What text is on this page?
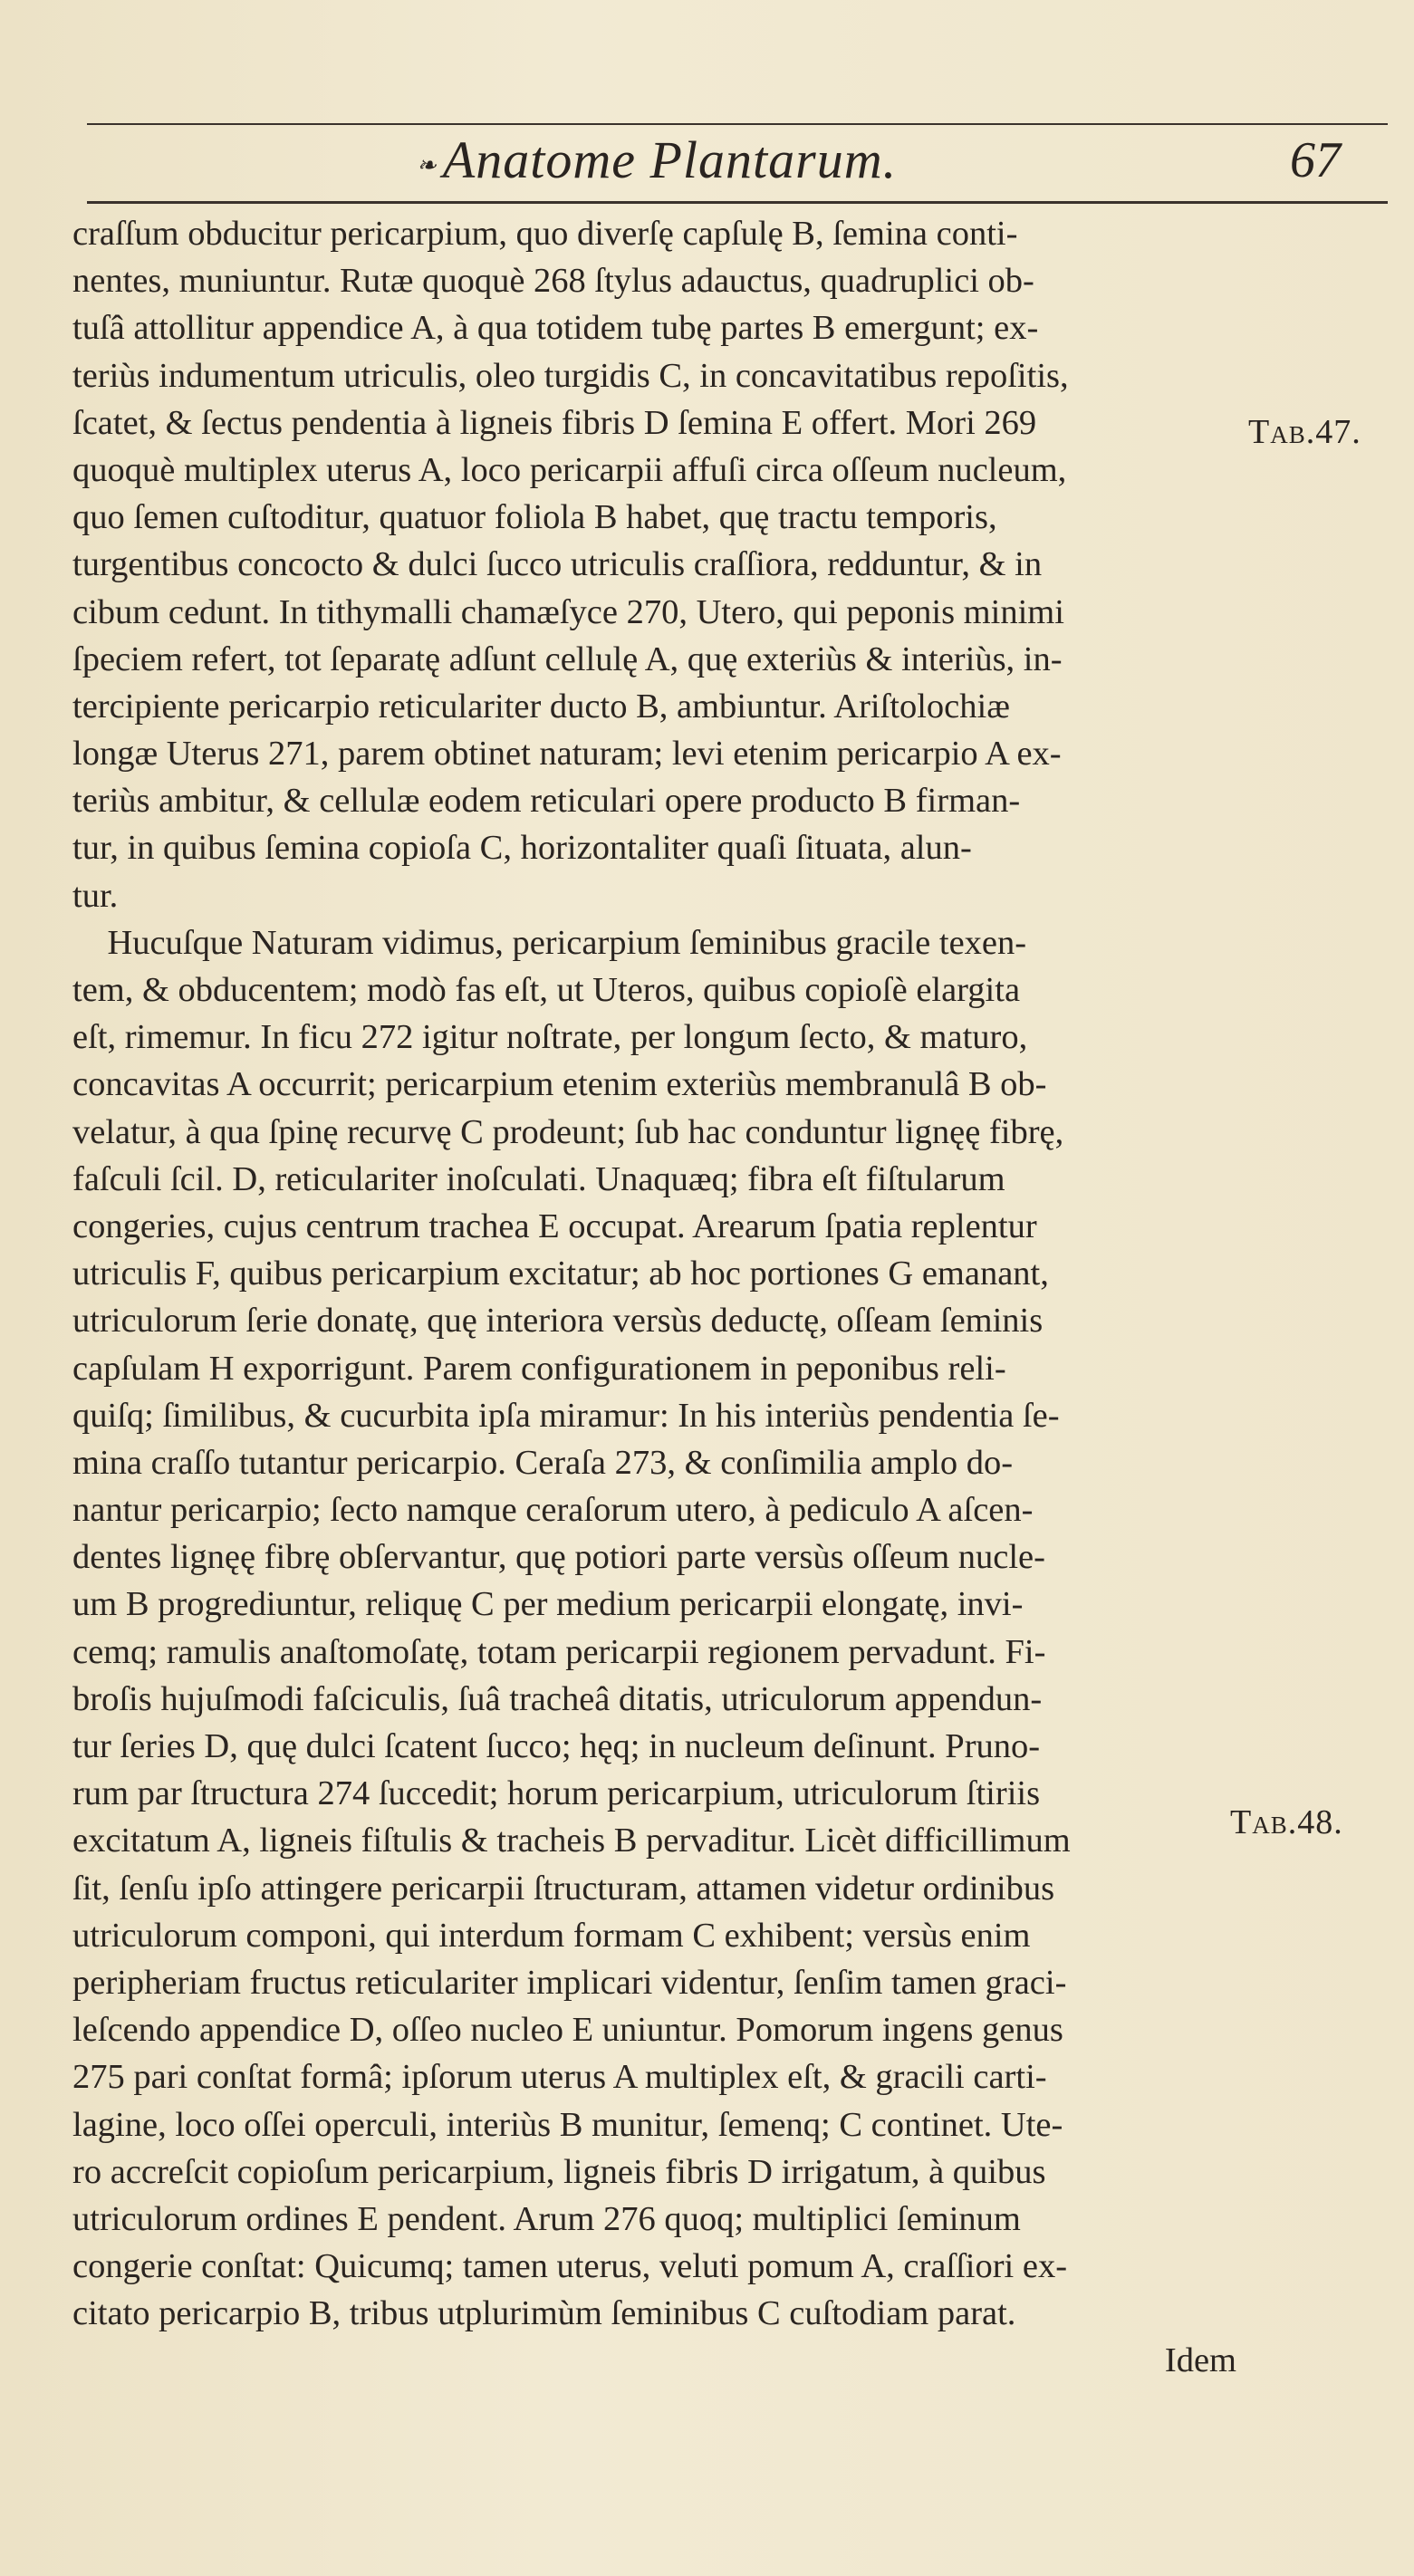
❧ Anatome Plantarum.	67
Tab.47.
Tab.48.
craſſum obducitur pericarpium, quo diverſę capſulę B, ſemina conti-
nentes, muniuntur. Rutæ quoquè 268 ſtylus adauctus, quadruplici ob-
tuſâ attollitur appendice A, à qua totidem tubę partes B emergunt; ex-
teriùs indumentum utriculis, oleo turgidis C, in concavitatibus repoſitis,
ſcatet, & ſectus pendentia à ligneis fibris D ſemina E offert. Mori 269
quoquè multiplex uterus A, loco pericarpii affuſi circa oſſeum nucleum,
quo ſemen cuſtoditur, quatuor foliola B habet, quę tractu temporis,
turgentibus concocto & dulci ſucco utriculis craſſiora, redduntur, & in
cibum cedunt. In tithymalli chamæſyce 270, Utero, qui peponis minimi
ſpeciem refert, tot ſeparatę adſunt cellulę A, quę exteriùs & interiùs, in-
tercipiente pericarpio reticulariter ducto B, ambiuntur. Ariſtolochiæ
longæ Uterus 271, parem obtinet naturam; levi etenim pericarpio A ex-
teriùs ambitur, & cellulæ eodem reticulari opere producto B firman-
tur, in quibus ſemina copioſa C, horizontaliter quaſi ſituata, alun-
tur.
Hucuſque Naturam vidimus, pericarpium ſeminibus gracile texen-
tem, & obducentem; modò fas eſt, ut Uteros, quibus copioſè elargita
eſt, rimemur. In ficu 272 igitur noſtrate, per longum ſecto, & maturo,
concavitas A occurrit; pericarpium etenim exteriùs membranulâ B ob-
velatur, à qua ſpinę recurvę C prodeunt; ſub hac conduntur lignęę fibrę,
faſculi ſcil. D, reticulariter inoſculati. Unaquæq; fibra eſt fiſtularum
congeries, cujus centrum trachea E occupat. Arearum ſpatia replentur
utriculis F, quibus pericarpium excitatur; ab hoc portiones G emanant,
utriculorum ſerie donatę, quę interiora versùs deductę, oſſeam ſeminis
capſulam H exporrigunt. Parem configurationem in peponibus reli-
quiſq; ſimilibus, & cucurbita ipſa miramur: In his interiùs pendentia ſe-
mina craſſo tutantur pericarpio. Ceraſa 273, & conſimilia amplo do-
nantur pericarpio; ſecto namque ceraſorum utero, à pediculo A aſcen-
dentes lignęę fibrę obſervantur, quę potiori parte versùs oſſeum nucle-
um B progrediuntur, reliquę C per medium pericarpii elongatę, invi-
cemq; ramulis anaſtomoſatę, totam pericarpii regionem pervadunt. Fi-
broſis hujuſmodi faſciculis, ſuâ tracheâ ditatis, utriculorum appendun-
tur ſeries D, quę dulci ſcatent ſucco; hęq; in nucleum deſinunt. Pruno-
rum par ſtructura 274 ſuccedit; horum pericarpium, utriculorum ſtiriis
excitatum A, ligneis fiſtulis & tracheis B pervaditur. Licèt difficillimum
ſit, ſenſu ipſo attingere pericarpii ſtructuram, attamen videtur ordinibus
utriculorum componi, qui interdum formam C exhibent; versùs enim
peripheriam fructus reticulariter implicari videntur, ſenſim tamen graci-
leſcendo appendice D, oſſeo nucleo E uniuntur. Pomorum ingens genus
275 pari conſtat formâ; ipſorum uterus A multiplex eſt, & gracili carti-
lagine, loco oſſei operculi, interiùs B munitur, ſemenq; C continet. Ute-
ro accreſcit copioſum pericarpium, ligneis fibris D irrigatum, à quibus
utriculorum ordines E pendent. Arum 276 quoq; multiplici ſeminum
congerie conſtat: Quicumq; tamen uterus, veluti pomum A, craſſiori ex-
citato pericarpio B, tribus utplurimùm ſeminibus C cuſtodiam parat.
Idem
